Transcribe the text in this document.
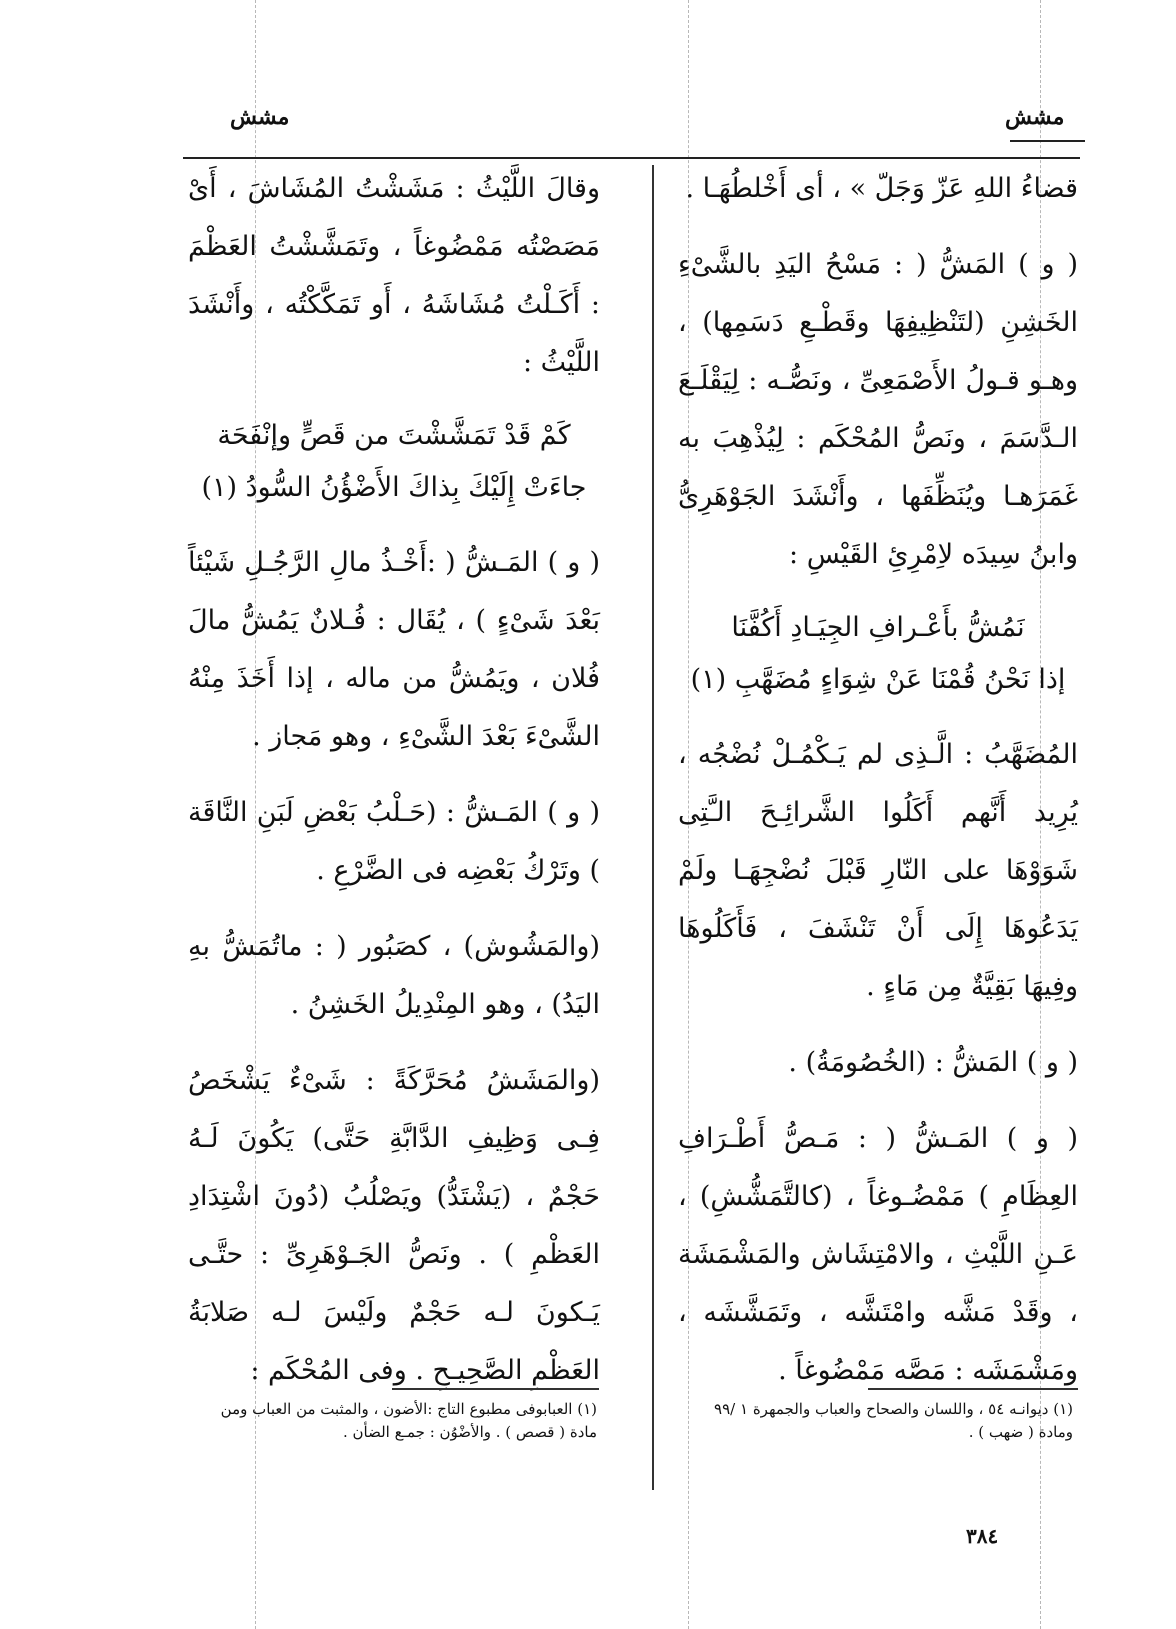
مشش
مشش

قضاءُ اللهِ عَزّ وَجَلّ » ، أى أَخْلطُهَـا .

( و ) المَشُّ ( : مَسْحُ اليَدِ بالشَّىْءِ الخَشِنِ (لتَنْظِيفِهَا وقَطْـعِ دَسَمِها) ، وهـو قـولُ الأَصْمَعِىِّ ، ونَصُّـه : لِيَقْلَـعَ الـدَّسَمَ ، ونَصُّ المُحْكَم : لِيُذْهِبَ به غَمَرَهـا ويُنَظِّفَها ، وأَنْشَدَ الجَوْهَرِىُّ وابنُ سِيدَه لاِمْرِئِ القَيْسِ :

نَمُشُّ بأَعْـرافِ الجِيَـادِ أَكُفَّنَا

إذا نَحْنُ قُمْنَا عَنْ شِوَاءٍ مُضَهَّبِ (١)

المُضَهَّبُ : الَّـذِى لم يَـكْمُـلْ نُضْجُه ، يُرِيد أَنَّهم أَكَلُوا الشَّرائِـحَ الـَّتِى شَوَوْهَا على النّارِ قَبْلَ نُضْجِهَـا ولَمْ يَدَعُوهَا إِلَى أَنْ تَنْشَفَ ، فَأَكَلُوهَا وفِيهَا بَقِيَّةٌ مِن مَاءٍ .

( و ) المَشُّ : (الخُصُومَةُ) .

( و ) المَـشُّ ( : مَـصُّ أَطْـرَافِ العِظَامِ ) مَمْضُـوغاً ، (كالتَّمَشُّشِ) ، عَـنِ اللَّيْثِ ، والامْتِشَاش والمَشْمَشَة ، وقَدْ مَشَّه وامْتَشَّه ، وتَمَشَّشَه ، ومَشْمَشَه : مَصَّه مَمْضُوغاً .

وقالَ اللَّيْثُ : مَشَشْتُ المُشَاشَ ، أَىْ مَصَصْتُه مَمْضُوغاً ، وتَمَشَّشْتُ العَظْمَ : أَكَـلْتُ مُشَاشَهُ ، أَو تَمَكَّكْتُه ، وأَنْشَدَ اللَّيْثُ :

كَمْ قَدْ تَمَشَّشْتَ من قَصٍّ وإنْفَحَة

جاءَتْ إِلَيْكَ بِذاكَ الأَضْؤُنُ السُّودُ (١)

( و ) المَـشُّ ( :أَخْـذُ مالِ الرَّجُـلِ شَيْئاً بَعْدَ شَىْءٍ ) ، يُقَال : فُـلانٌ يَمُشُّ مالَ فُلان ، ويَمُشُّ من ماله ، إذا أَخَذَ مِنْهُ الشَّىْءَ بَعْدَ الشَّىْءِ ، وهو مَجاز .

( و ) المَـشُّ : (حَـلْبُ بَعْضِ لَبَنِ النَّاقَة ) وتَرْكُ بَعْضِه فى الضَّرْعِ .

(والمَشُوش) ، كصَبُور ( : ماتُمَشُّ بهِ اليَدُ) ، وهو المِنْدِيلُ الخَشِنُ .

(والمَشَشُ مُحَرَّكَةً : شَىْءٌ يَشْخَصُ فِـى وَظِيفِ الدَّابَّةِ حَتَّى) يَكُونَ لَـهُ حَجْمٌ ، (يَشْتَدُّ) ويَصْلُبُ (دُونَ اشْتِدَادِ العَظْمِ ) . ونَصُّ الجَـوْهَرِىِّ : حتَّـى يَـكونَ لـه حَجْمٌ ولَيْسَ لـه صَلابَةُ العَظْمِ الصَّحِيـحِ . وفى المُحْكَم :

(١) ديوانـه ٥٤ ، واللسان والصحاح والعباب والجمهرة ١ /٩٩ ومادة ( ضهب ) .
(١) العبابوفى مطبوع التاج :الأضون ، والمثبت من العباب ومن مادة ( قصص ) . والأضْوُن : جمـع الضأن .
٣٨٤
